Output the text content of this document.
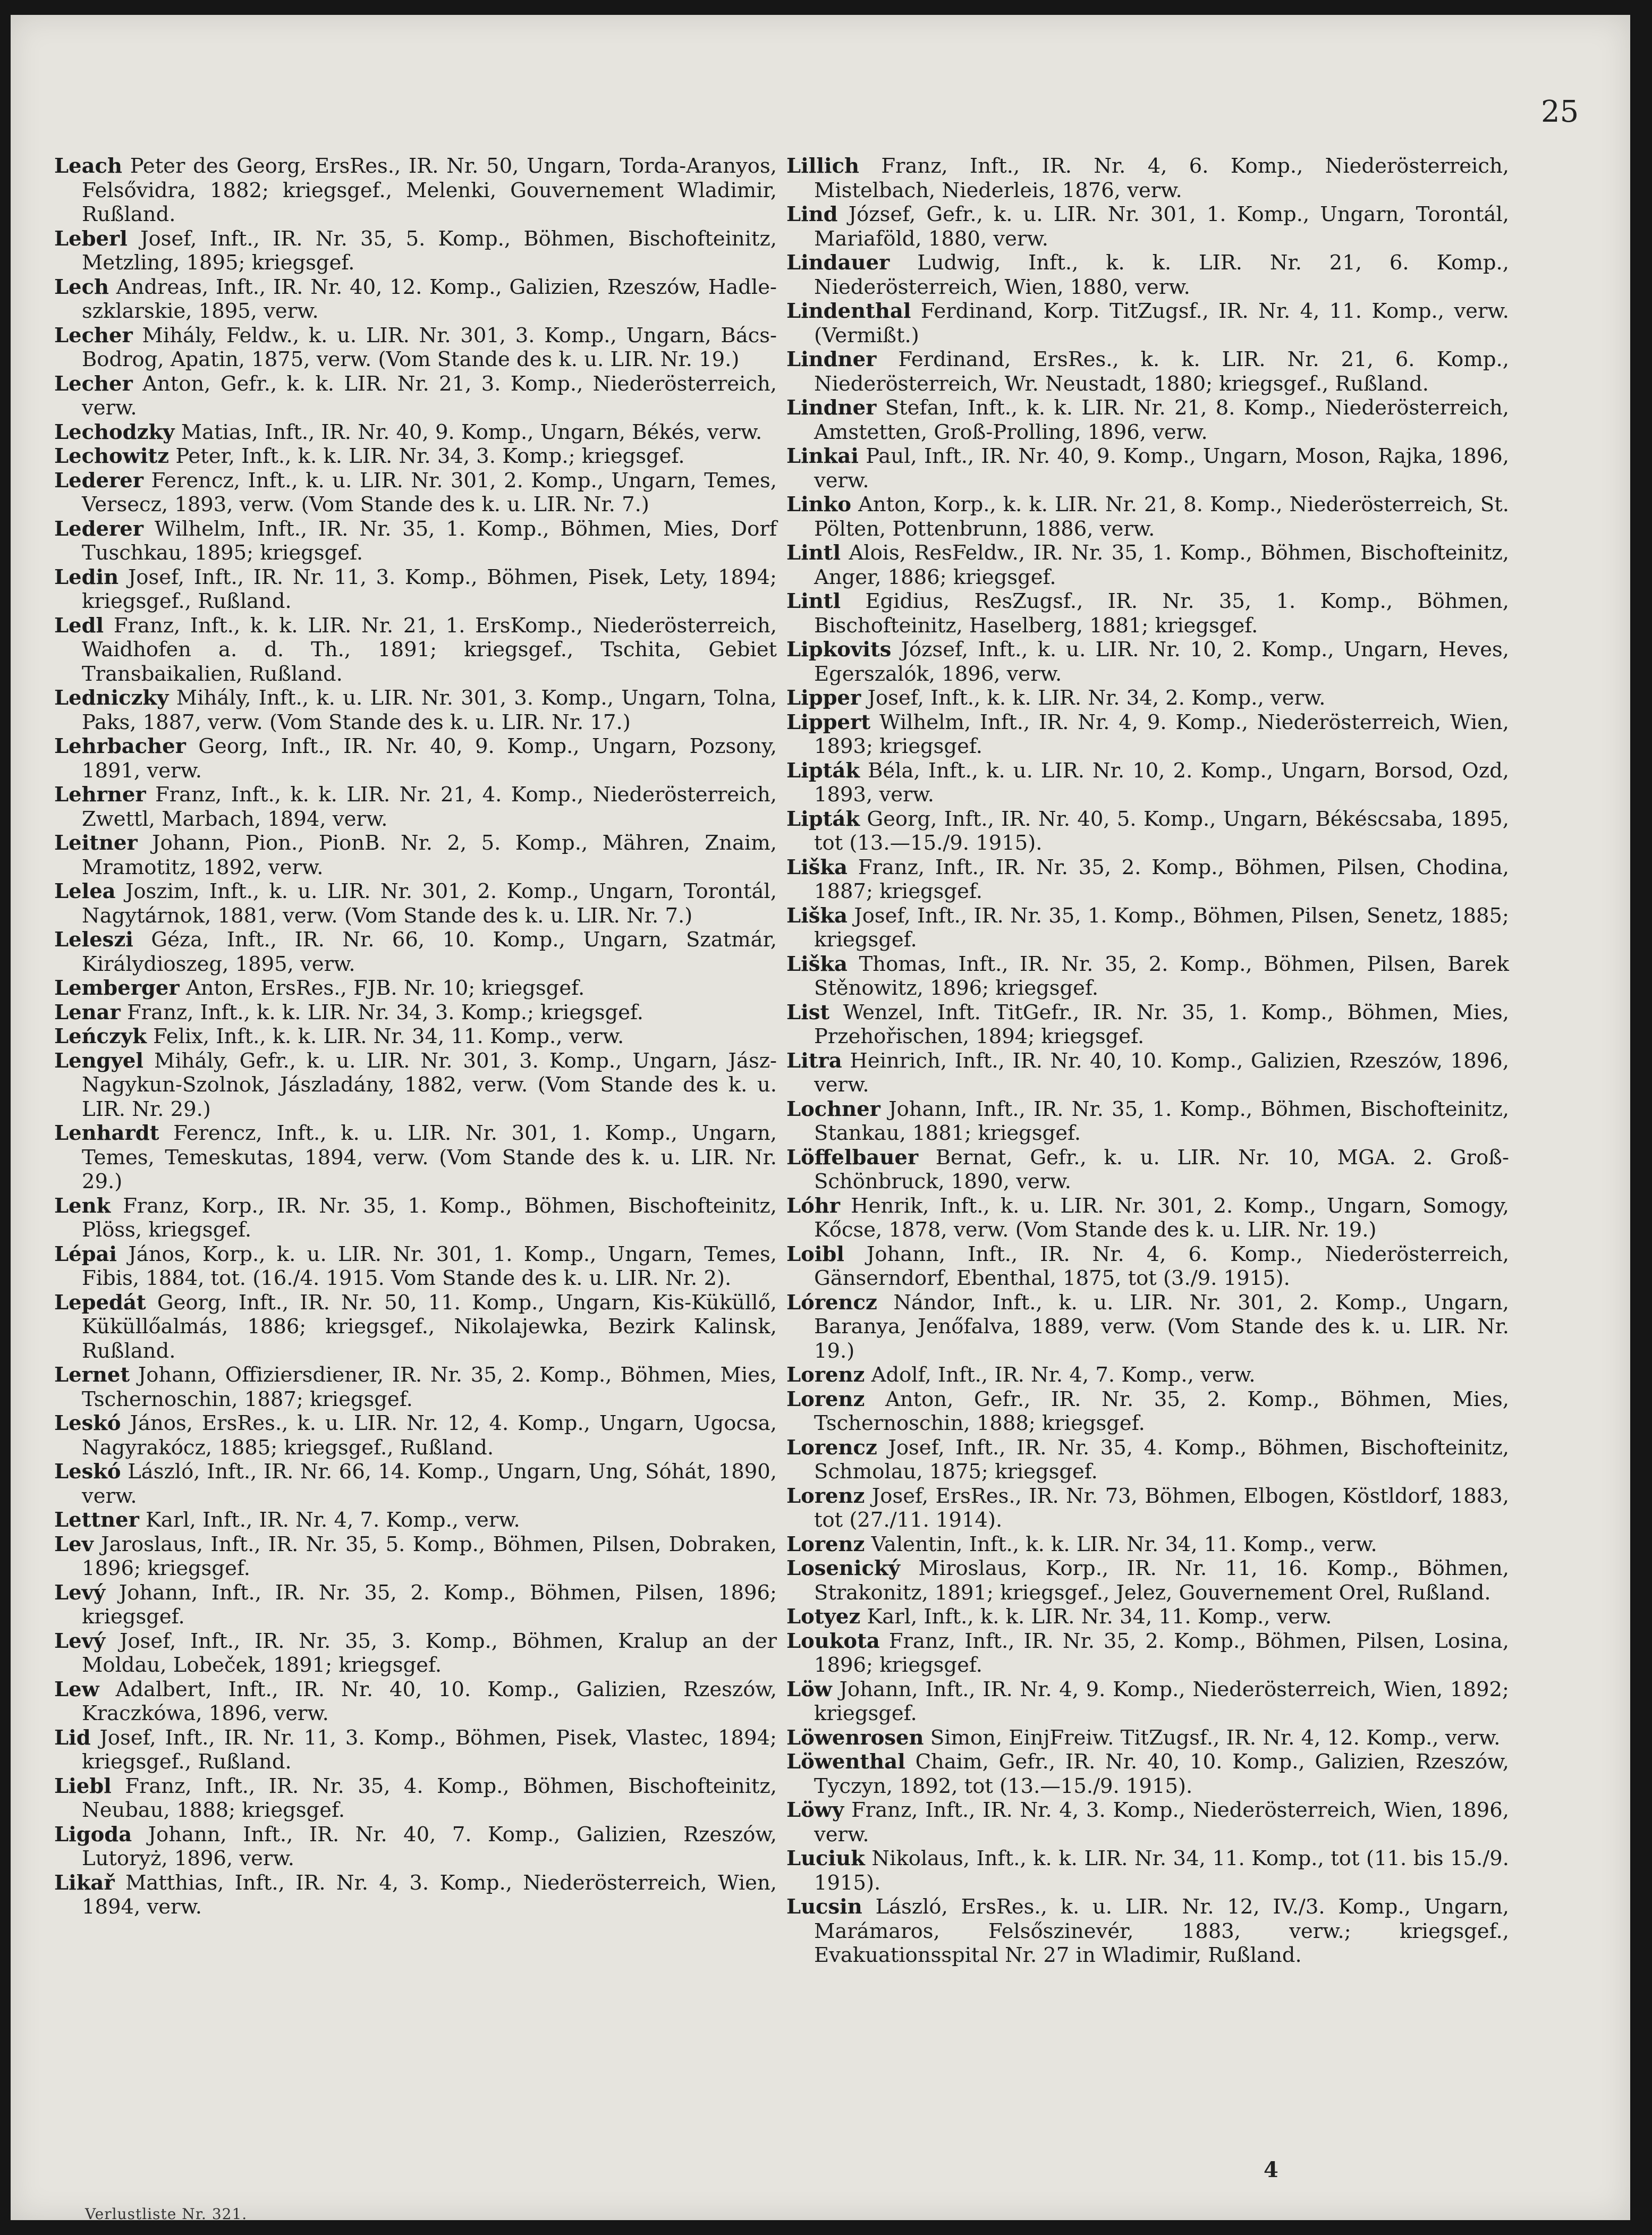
25
Leach Peter des Georg, ErsRes., IR. Nr. 50, Ungarn, Torda-Aranyos, Felsővidra, 1882; kriegsgef., Melenki, Gouvernement Wladimir, Rußland.
Leberl Josef, Inft., IR. Nr. 35, 5. Komp., Böhmen, Bischofteinitz, Metzling, 1895; kriegsgef.
Lech Andreas, Inft., IR. Nr. 40, 12. Komp., Galizien, Rzeszów, Hadle-szklarskie, 1895, verw.
Lecher Mihály, Feldw., k. u. LIR. Nr. 301, 3. Komp., Ungarn, Bács-Bodrog, Apatin, 1875, verw. (Vom Stande des k. u. LIR. Nr. 19.)
Lecher Anton, Gefr., k. k. LIR. Nr. 21, 3. Komp., Niederösterreich, verw.
Lechodzky Matias, Inft., IR. Nr. 40, 9. Komp., Ungarn, Békés, verw.
Lechowitz Peter, Inft., k. k. LIR. Nr. 34, 3. Komp.; kriegsgef.
Lederer Ferencz, Inft., k. u. LIR. Nr. 301, 2. Komp., Ungarn, Temes, Versecz, 1893, verw. (Vom Stande des k. u. LIR. Nr. 7.)
Lederer Wilhelm, Inft., IR. Nr. 35, 1. Komp., Böhmen, Mies, Dorf Tuschkau, 1895; kriegsgef.
Ledin Josef, Inft., IR. Nr. 11, 3. Komp., Böhmen, Pisek, Lety, 1894; kriegsgef., Rußland.
Ledl Franz, Inft., k. k. LIR. Nr. 21, 1. ErsKomp., Niederösterreich, Waidhofen a. d. Th., 1891; kriegsgef., Tschita, Gebiet Transbaikalien, Rußland.
Ledniczky Mihály, Inft., k. u. LIR. Nr. 301, 3. Komp., Ungarn, Tolna, Paks, 1887, verw. (Vom Stande des k. u. LIR. Nr. 17.)
Lehrbacher Georg, Inft., IR. Nr. 40, 9. Komp., Ungarn, Pozsony, 1891, verw.
Lehrner Franz, Inft., k. k. LIR. Nr. 21, 4. Komp., Niederösterreich, Zwettl, Marbach, 1894, verw.
Leitner Johann, Pion., PionB. Nr. 2, 5. Komp., Mähren, Znaim, Mramotitz, 1892, verw.
Lelea Joszim, Inft., k. u. LIR. Nr. 301, 2. Komp., Ungarn, Torontál, Nagytárnok, 1881, verw. (Vom Stande des k. u. LIR. Nr. 7.)
Leleszi Géza, Inft., IR. Nr. 66, 10. Komp., Ungarn, Szatmár, Királydioszeg, 1895, verw.
Lemberger Anton, ErsRes., FJB. Nr. 10; kriegsgef.
Lenar Franz, Inft., k. k. LIR. Nr. 34, 3. Komp.; kriegsgef.
Leńczyk Felix, Inft., k. k. LIR. Nr. 34, 11. Komp., verw.
Lengyel Mihály, Gefr., k. u. LIR. Nr. 301, 3. Komp., Ungarn, Jász-Nagykun-Szolnok, Jászladány, 1882, verw. (Vom Stande des k. u. LIR. Nr. 29.)
Lenhardt Ferencz, Inft., k. u. LIR. Nr. 301, 1. Komp., Ungarn, Temes, Temeskutas, 1894, verw. (Vom Stande des k. u. LIR. Nr. 29.)
Lenk Franz, Korp., IR. Nr. 35, 1. Komp., Böhmen, Bischofteinitz, Plöss, kriegsgef.
Lépai János, Korp., k. u. LIR. Nr. 301, 1. Komp., Ungarn, Temes, Fibis, 1884, tot. (16./4. 1915. Vom Stande des k. u. LIR. Nr. 2).
Lepedát Georg, Inft., IR. Nr. 50, 11. Komp., Ungarn, Kis-Küküllő, Küküllőalmás, 1886; kriegsgef., Nikolajewka, Bezirk Kalinsk, Rußland.
Lernet Johann, Offiziersdiener, IR. Nr. 35, 2. Komp., Böhmen, Mies, Tschernoschin, 1887; kriegsgef.
Leskó János, ErsRes., k. u. LIR. Nr. 12, 4. Komp., Ungarn, Ugocsa, Nagyrakócz, 1885; kriegsgef., Rußland.
Leskó László, Inft., IR. Nr. 66, 14. Komp., Ungarn, Ung, Sóhát, 1890, verw.
Lettner Karl, Inft., IR. Nr. 4, 7. Komp., verw.
Lev Jaroslaus, Inft., IR. Nr. 35, 5. Komp., Böhmen, Pilsen, Dobraken, 1896; kriegsgef.
Levý Johann, Inft., IR. Nr. 35, 2. Komp., Böhmen, Pilsen, 1896; kriegsgef.
Levý Josef, Inft., IR. Nr. 35, 3. Komp., Böhmen, Kralup an der Moldau, Lobeček, 1891; kriegsgef.
Lew Adalbert, Inft., IR. Nr. 40, 10. Komp., Galizien, Rzeszów, Kraczkówa, 1896, verw.
Lid Josef, Inft., IR. Nr. 11, 3. Komp., Böhmen, Pisek, Vlastec, 1894; kriegsgef., Rußland.
Liebl Franz, Inft., IR. Nr. 35, 4. Komp., Böhmen, Bischofteinitz, Neubau, 1888; kriegsgef.
Ligoda Johann, Inft., IR. Nr. 40, 7. Komp., Galizien, Rzeszów, Lutoryż, 1896, verw.
Likař Matthias, Inft., IR. Nr. 4, 3. Komp., Niederösterreich, Wien, 1894, verw.
Lillich Franz, Inft., IR. Nr. 4, 6. Komp., Niederösterreich, Mistelbach, Niederleis, 1876, verw.
Lind József, Gefr., k. u. LIR. Nr. 301, 1. Komp., Ungarn, Torontál, Mariaföld, 1880, verw.
Lindauer Ludwig, Inft., k. k. LIR. Nr. 21, 6. Komp., Niederösterreich, Wien, 1880, verw.
Lindenthal Ferdinand, Korp. TitZugsf., IR. Nr. 4, 11. Komp., verw. (Vermißt.)
Lindner Ferdinand, ErsRes., k. k. LIR. Nr. 21, 6. Komp., Niederösterreich, Wr. Neustadt, 1880; kriegsgef., Rußland.
Lindner Stefan, Inft., k. k. LIR. Nr. 21, 8. Komp., Niederösterreich, Amstetten, Groß-Prolling, 1896, verw.
Linkai Paul, Inft., IR. Nr. 40, 9. Komp., Ungarn, Moson, Rajka, 1896, verw.
Linko Anton, Korp., k. k. LIR. Nr. 21, 8. Komp., Niederösterreich, St. Pölten, Pottenbrunn, 1886, verw.
Lintl Alois, ResFeldw., IR. Nr. 35, 1. Komp., Böhmen, Bischofteinitz, Anger, 1886; kriegsgef.
Lintl Egidius, ResZugsf., IR. Nr. 35, 1. Komp., Böhmen, Bischofteinitz, Haselberg, 1881; kriegsgef.
Lipkovits József, Inft., k. u. LIR. Nr. 10, 2. Komp., Ungarn, Heves, Egerszalók, 1896, verw.
Lipper Josef, Inft., k. k. LIR. Nr. 34, 2. Komp., verw.
Lippert Wilhelm, Inft., IR. Nr. 4, 9. Komp., Niederösterreich, Wien, 1893; kriegsgef.
Lipták Béla, Inft., k. u. LIR. Nr. 10, 2. Komp., Ungarn, Borsod, Ozd, 1893, verw.
Lipták Georg, Inft., IR. Nr. 40, 5. Komp., Ungarn, Békéscsaba, 1895, tot (13.—15./9. 1915).
Liška Franz, Inft., IR. Nr. 35, 2. Komp., Böhmen, Pilsen, Chodina, 1887; kriegsgef.
Liška Josef, Inft., IR. Nr. 35, 1. Komp., Böhmen, Pilsen, Senetz, 1885; kriegsgef.
Liška Thomas, Inft., IR. Nr. 35, 2. Komp., Böhmen, Pilsen, Barek Stěnowitz, 1896; kriegsgef.
List Wenzel, Inft. TitGefr., IR. Nr. 35, 1. Komp., Böhmen, Mies, Przehořischen, 1894; kriegsgef.
Litra Heinrich, Inft., IR. Nr. 40, 10. Komp., Galizien, Rzeszów, 1896, verw.
Lochner Johann, Inft., IR. Nr. 35, 1. Komp., Böhmen, Bischofteinitz, Stankau, 1881; kriegsgef.
Löffelbauer Bernat, Gefr., k. u. LIR. Nr. 10, MGA. 2. Groß-Schönbruck, 1890, verw.
Lóhr Henrik, Inft., k. u. LIR. Nr. 301, 2. Komp., Ungarn, Somogy, Kőcse, 1878, verw. (Vom Stande des k. u. LIR. Nr. 19.)
Loibl Johann, Inft., IR. Nr. 4, 6. Komp., Niederösterreich, Gänserndorf, Ebenthal, 1875, tot (3./9. 1915).
Lórencz Nándor, Inft., k. u. LIR. Nr. 301, 2. Komp., Ungarn, Baranya, Jenőfalva, 1889, verw. (Vom Stande des k. u. LIR. Nr. 19.)
Lorenz Adolf, Inft., IR. Nr. 4, 7. Komp., verw.
Lorenz Anton, Gefr., IR. Nr. 35, 2. Komp., Böhmen, Mies, Tschernoschin, 1888; kriegsgef.
Lorencz Josef, Inft., IR. Nr. 35, 4. Komp., Böhmen, Bischofteinitz, Schmolau, 1875; kriegsgef.
Lorenz Josef, ErsRes., IR. Nr. 73, Böhmen, Elbogen, Köstldorf, 1883, tot (27./11. 1914).
Lorenz Valentin, Inft., k. k. LIR. Nr. 34, 11. Komp., verw.
Losenický Miroslaus, Korp., IR. Nr. 11, 16. Komp., Böhmen, Strakonitz, 1891; kriegsgef., Jelez, Gouvernement Orel, Rußland.
Lotyez Karl, Inft., k. k. LIR. Nr. 34, 11. Komp., verw.
Loukota Franz, Inft., IR. Nr. 35, 2. Komp., Böhmen, Pilsen, Losina, 1896; kriegsgef.
Löw Johann, Inft., IR. Nr. 4, 9. Komp., Niederösterreich, Wien, 1892; kriegsgef.
Löwenrosen Simon, EinjFreiw. TitZugsf., IR. Nr. 4, 12. Komp., verw.
Löwenthal Chaim, Gefr., IR. Nr. 40, 10. Komp., Galizien, Rzeszów, Tyczyn, 1892, tot (13.—15./9. 1915).
Löwy Franz, Inft., IR. Nr. 4, 3. Komp., Niederösterreich, Wien, 1896, verw.
Luciuk Nikolaus, Inft., k. k. LIR. Nr. 34, 11. Komp., tot (11. bis 15./9. 1915).
Lucsin László, ErsRes., k. u. LIR. Nr. 12, IV./3. Komp., Ungarn, Marámaros, Felsőszinevér, 1883, verw.; kriegsgef., Evakuationsspital Nr. 27 in Wladimir, Rußland.
Verlustliste Nr. 321.
4
